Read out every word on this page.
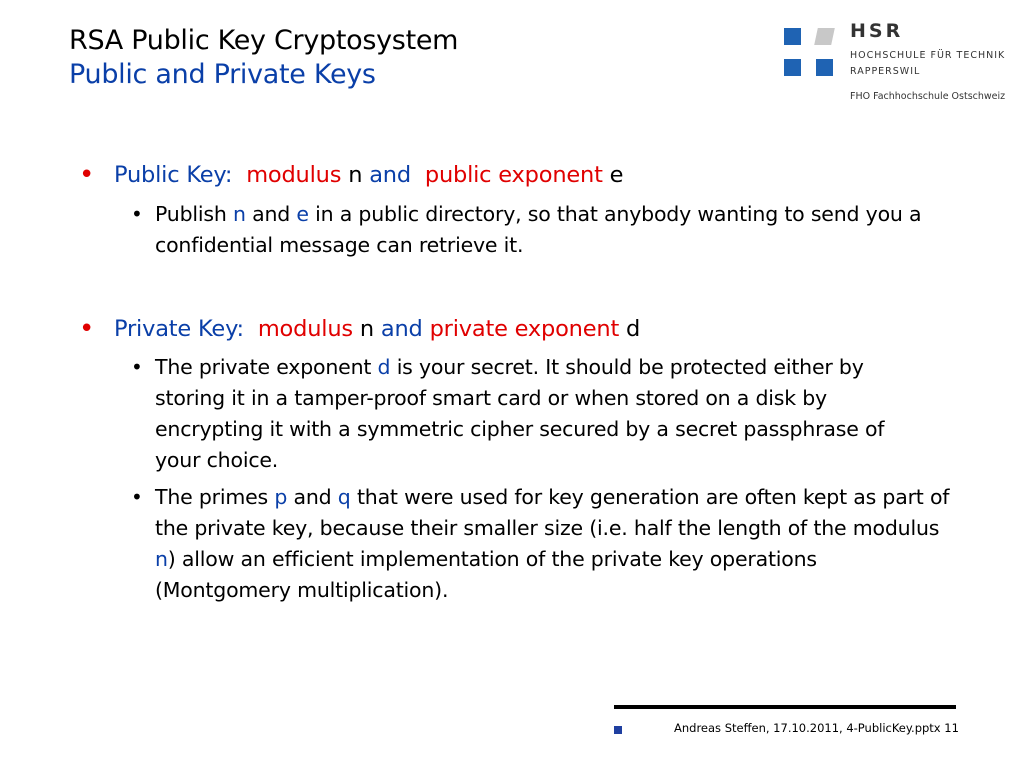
RSA Public Key Cryptosystem
Public and Private Keys
HSR
HOCHSCHULE FÜR TECHNIK
RAPPERSWIL
FHO Fachhochschule Ostschweiz
• Public Key: modulus n and public exponent e
• Publish n and e in a public directory, so that anybody wanting to send you a confidential message can retrieve it.
• Private Key: modulus n and private exponent d
• The private exponent d is your secret. It should be protected either by storing it in a tamper-proof smart card or when stored on a disk by encrypting it with a symmetric cipher secured by a secret passphrase of your choice.
• The primes p and q that were used for key generation are often kept as part of the private key, because their smaller size (i.e. half the length of the modulus n) allow an efficient implementation of the private key operations (Montgomery multiplication).
Andreas Steffen, 17.10.2011, 4-PublicKey.pptx 11
